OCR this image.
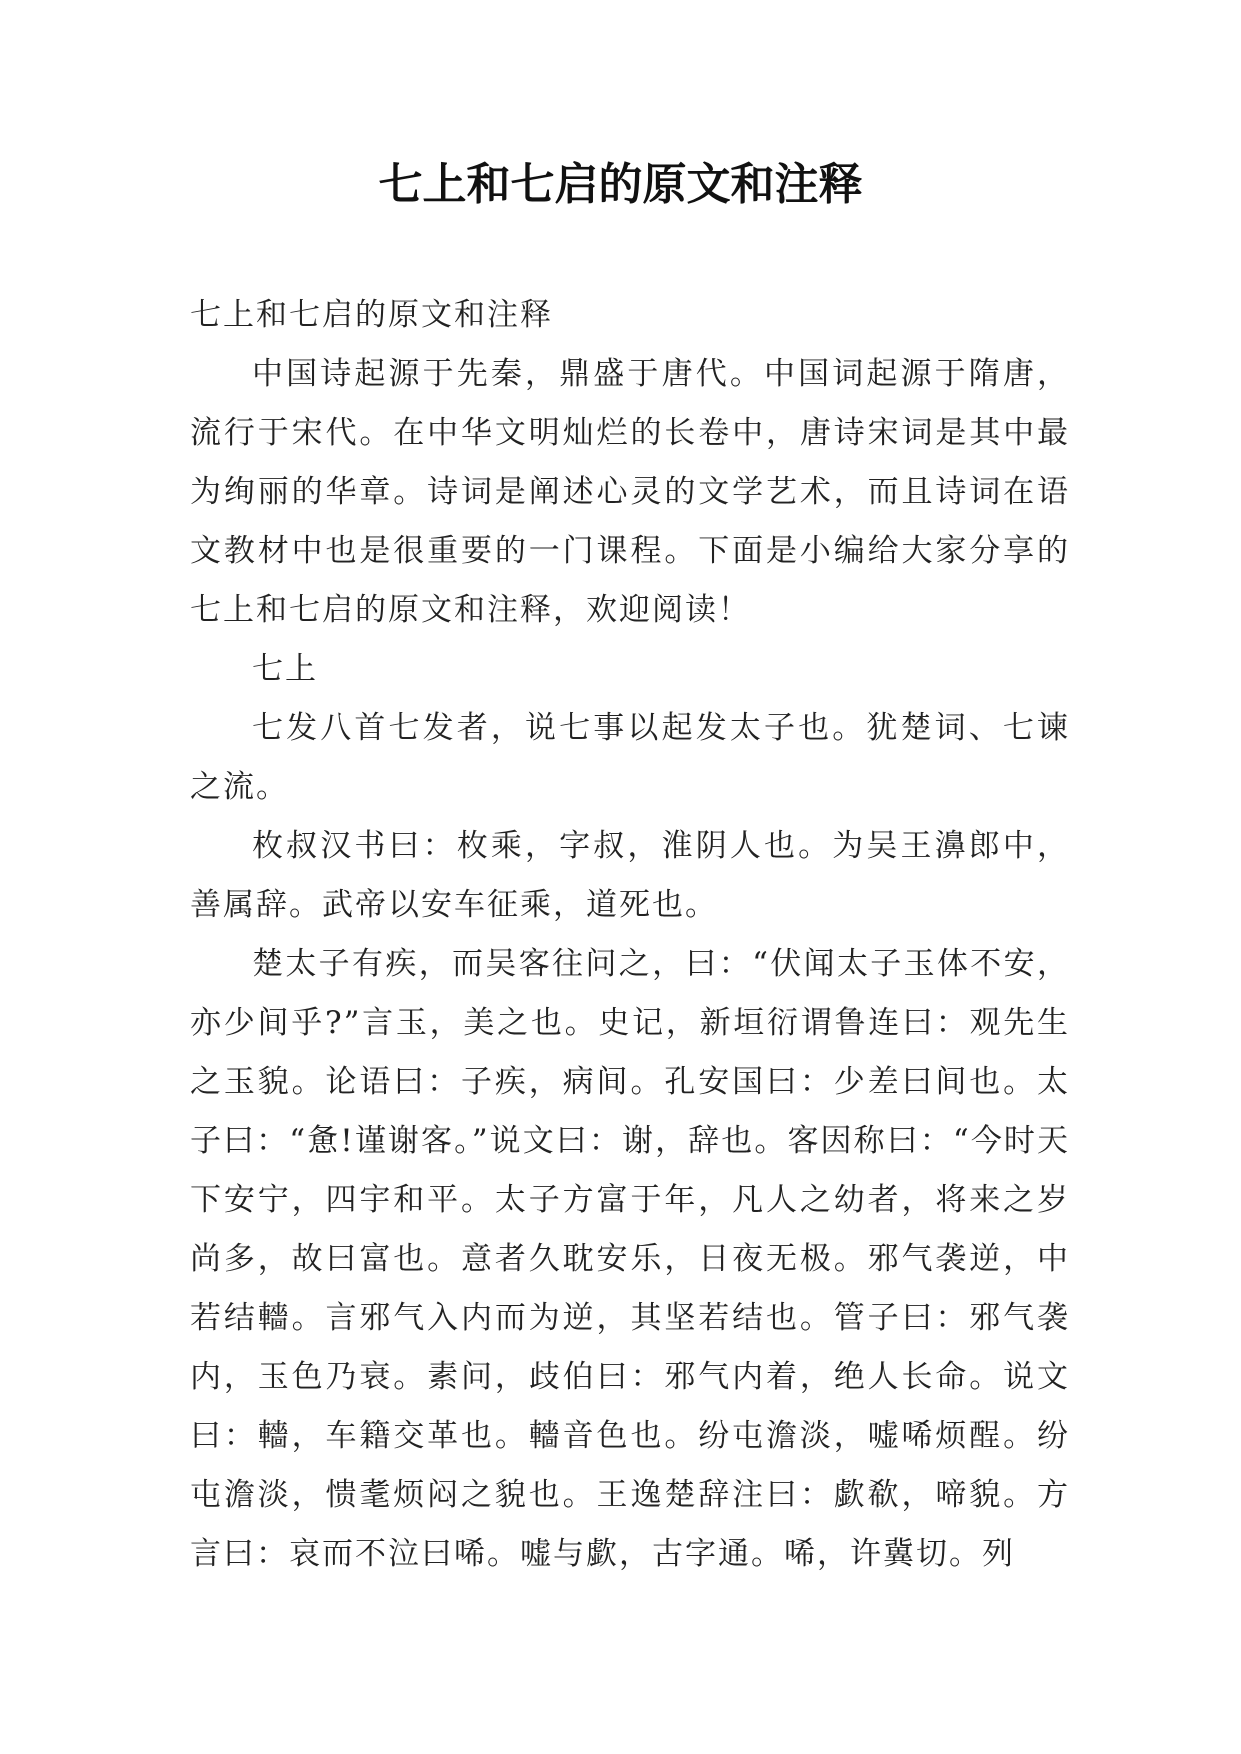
七上和七启的原文和注释

七上和七启的原文和注释

中国诗起源于先秦，鼎盛于唐代。中国词起源于隋唐，流行于宋代。在中华文明灿烂的长卷中，唐诗宋词是其中最为绚丽的华章。诗词是阐述心灵的文学艺术，而且诗词在语文教材中也是很重要的一门课程。下面是小编给大家分享的七上和七启的原文和注释，欢迎阅读！

七上

七发八首七发者，说七事以起发太子也。犹楚词、七谏之流。

枚叔汉书曰：枚乘，字叔，淮阴人也。为吴王濞郎中，善属辞。武帝以安车征乘，道死也。

楚太子有疾，而吴客往问之，曰：“伏闻太子玉体不安，亦少间乎?”言玉，美之也。史记，新垣衍谓鲁连曰：观先生之玉貌。论语曰：子疾，病间。孔安国曰：少差曰间也。太子曰：“惫!谨谢客。”说文曰：谢，辞也。客因称曰：“今时天下安宁，四宇和平。太子方富于年，凡人之幼者，将来之岁尚多，故曰富也。意者久耽安乐，日夜无极。邪气袭逆，中若结轖。言邪气入内而为逆，其坚若结也。管子曰：邪气袭内，玉色乃衰。素问，歧伯曰：邪气内着，绝人长命。说文曰：轖，车籍交革也。轖音色也。纷屯澹淡，嘘唏烦酲。纷屯澹淡，愦耄烦闷之貌也。王逸楚辞注曰：歔欷，啼貌。方言曰：哀而不泣曰唏。嘘与歔，古字通。唏，许冀切。列
